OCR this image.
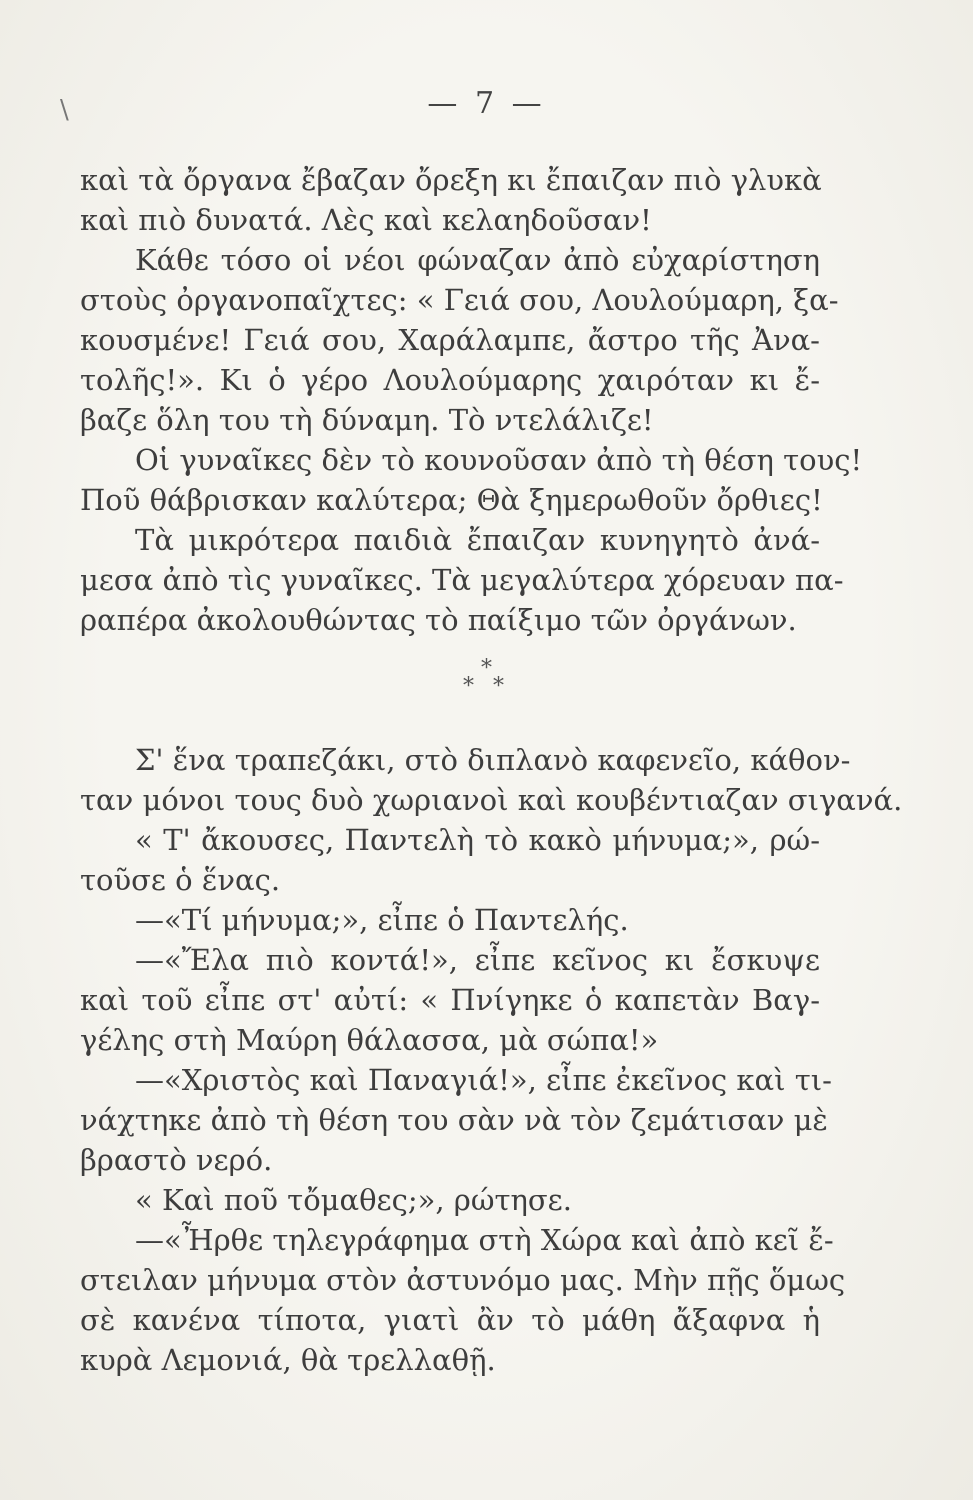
\	— 7 —
καὶ τὰ ὄργανα ἔβαζαν ὄρεξη κι ἔπαιζαν πιὸ γλυκὰ
καὶ πιὸ δυνατά. Λὲς καὶ κελαηδοῦσαν!
Κάθε τόσο οἱ νέοι φώναζαν ἀπὸ εὐχαρίστηση
στοὺς ὀργανοπαῖχτες: « Γειά σου, Λουλούμαρη, ξα-
κουσμένε! Γειά σου, Χαράλαμπε, ἄστρο τῆς Ἀνα-
τολῆς!». Κι ὁ γέρο Λουλούμαρης χαιρόταν κι ἔ-
βαζε ὅλη του τὴ δύναμη. Τὸ ντελάλιζε!
Οἱ γυναῖκες δὲν τὸ κουνοῦσαν ἀπὸ τὴ θέση τους!
Ποῦ θάβρισκαν καλύτερα; Θὰ ξημερωθοῦν ὄρθιες!
Τὰ μικρότερα παιδιὰ ἔπαιζαν κυνηγητὸ ἀνά-
μεσα ἀπὸ τὶς γυναῖκες. Τὰ μεγαλύτερα χόρευαν πα-
ραπέρα ἀκολουθώντας τὸ παίξιμο τῶν ὀργάνων.
*
* *
Σ' ἕνα τραπεζάκι, στὸ διπλανὸ καφενεῖο, κάθον-
ταν μόνοι τους δυὸ χωριανοὶ καὶ κουβέντιαζαν σιγανά.
« Τ' ἄκουσες, Παντελὴ τὸ κακὸ μήνυμα;», ρώ-
τοῦσε ὁ ἕνας.
—«Τί μήνυμα;», εἶπε ὁ Παντελής.
—«Ἔλα πιὸ κοντά!», εἶπε κεῖνος κι ἔσκυψε
καὶ τοῦ εἶπε στ' αὐτί: « Πνίγηκε ὁ καπετὰν Βαγ-
γέλης στὴ Μαύρη θάλασσα, μὰ σώπα!»
—«Χριστὸς καὶ Παναγιά!», εἶπε ἐκεῖνος καὶ τι-
νάχτηκε ἀπὸ τὴ θέση του σὰν νὰ τὸν ζεμάτισαν μὲ
βραστὸ νερό.
« Καὶ ποῦ τὄμαθες;», ρώτησε.
—«Ἦρθε τηλεγράφημα στὴ Χώρα καὶ ἀπὸ κεῖ ἔ-
στειλαν μήνυμα στὸν ἀστυνόμο μας. Μὴν πῇς ὅμως
σὲ κανένα τίποτα, γιατὶ ἂν τὸ μάθη ἄξαφνα ἡ
κυρὰ Λεμονιά, θὰ τρελλαθῇ.
